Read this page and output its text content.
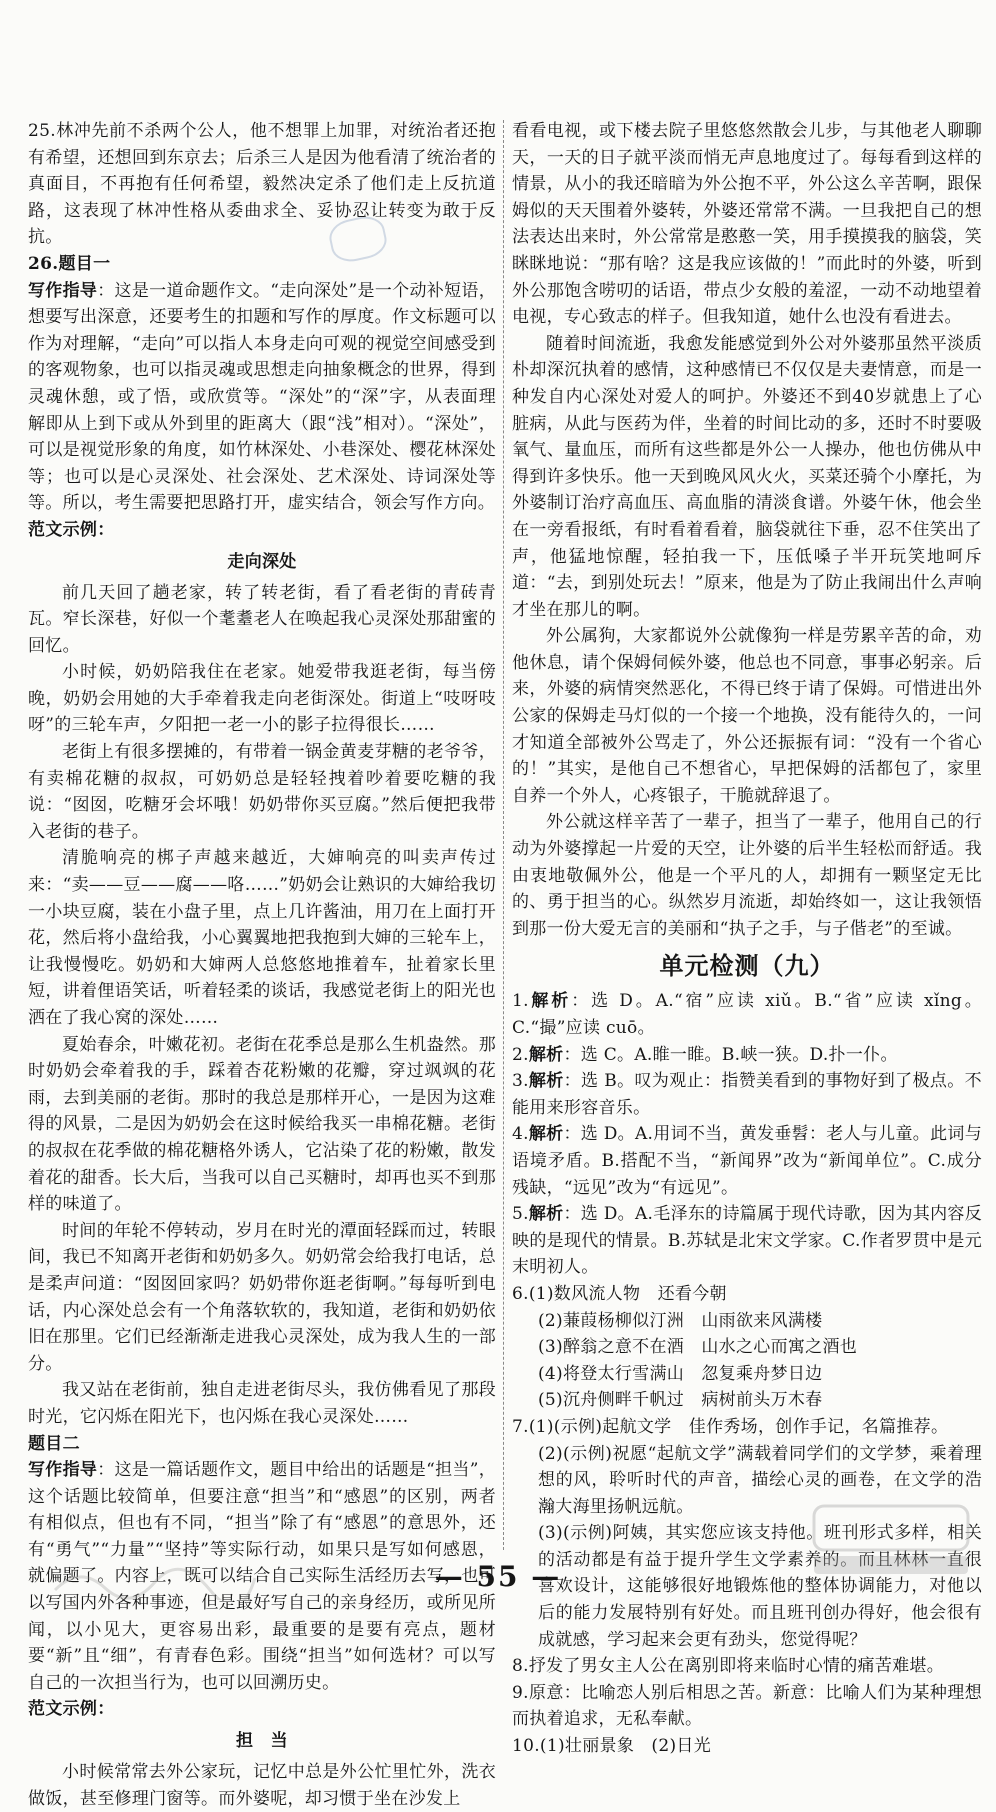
25.林冲先前不杀两个公人，他不想罪上加罪，对统治者还抱有希望，还想回到东京去；后杀三人是因为他看清了统治者的真面目，不再抱有任何希望，毅然决定杀了他们走上反抗道路，这表现了林冲性格从委曲求全、妥协忍让转变为敢于反抗。

26.题目一

写作指导：这是一道命题作文。“走向深处”是一个动补短语，想要写出深意，还要考生的扣题和写作的厚度。作文标题可以作为对理解，“走向”可以指人本身走向可观的视觉空间感受到的客观物象，也可以指灵魂或思想走向抽象概念的世界，得到灵魂休憩，或了悟，或欣赏等。“深处”的“深”字，从表面理解即从上到下或从外到里的距离大（跟“浅”相对）。“深处”，可以是视觉形象的角度，如竹林深处、小巷深处、樱花林深处等；也可以是心灵深处、社会深处、艺术深处、诗词深处等等。所以，考生需要把思路打开，虚实结合，领会写作方向。

范文示例：

走向深处

前几天回了趟老家，转了转老街，看了看老街的青砖青瓦。窄长深巷，好似一个耄耋老人在唤起我心灵深处那甜蜜的回忆。

小时候，奶奶陪我住在老家。她爱带我逛老街，每当傍晚，奶奶会用她的大手牵着我走向老街深处。街道上“吱呀吱呀”的三轮车声，夕阳把一老一小的影子拉得很长……

老街上有很多摆摊的，有带着一锅金黄麦芽糖的老爷爷，有卖棉花糖的叔叔，可奶奶总是轻轻拽着吵着要吃糖的我说：“囡囡，吃糖牙会坏哦！奶奶带你买豆腐。”然后便把我带入老街的巷子。

清脆响亮的梆子声越来越近，大婶响亮的叫卖声传过来：“卖——豆——腐——咯……”奶奶会让熟识的大婶给我切一小块豆腐，装在小盘子里，点上几许酱油，用刀在上面打开花，然后将小盘给我，小心翼翼地把我抱到大婶的三轮车上，让我慢慢吃。奶奶和大婶两人总悠悠地推着车，扯着家长里短，讲着俚语笑话，听着轻柔的谈话，我感觉老街上的阳光也洒在了我心窝的深处……

夏始春余，叶嫩花初。老街在花季总是那么生机盎然。那时奶奶会牵着我的手，踩着杏花粉嫩的花瓣，穿过飒飒的花雨，去到美丽的老街。那时的我总是那样开心，一是因为这难得的风景，二是因为奶奶会在这时候给我买一串棉花糖。老街的叔叔在花季做的棉花糖格外诱人，它沾染了花的粉嫩，散发着花的甜香。长大后，当我可以自己买糖时，却再也买不到那样的味道了。

时间的年轮不停转动，岁月在时光的潭面轻踩而过，转眼间，我已不知离开老街和奶奶多久。奶奶常会给我打电话，总是柔声问道：“囡囡回家吗？奶奶带你逛老街啊。”每每听到电话，内心深处总会有一个角落软软的，我知道，老街和奶奶依旧在那里。它们已经渐渐走进我心灵深处，成为我人生的一部分。

我又站在老街前，独自走进老街尽头，我仿佛看见了那段时光，它闪烁在阳光下，也闪烁在我心灵深处……

题目二

写作指导：这是一篇话题作文，题目中给出的话题是“担当”，这个话题比较简单，但要注意“担当”和“感恩”的区别，两者有相似点，但也有不同，“担当”除了有“感恩”的意思外，还有“勇气”“力量”“坚持”等实际行动，如果只是写如何感恩，就偏题了。内容上，既可以结合自己实际生活经历去写，也可以写国内外各种事迹，但是最好写自己的亲身经历，或所见所闻，以小见大，更容易出彩，最重要的是要有亮点，题材要“新”且“细”，有青春色彩。围绕“担当”如何选材？可以写自己的一次担当行为，也可以回溯历史。

范文示例：

担　当

小时候常常去外公家玩，记忆中总是外公忙里忙外，洗衣做饭，甚至修理门窗等。而外婆呢，却习惯于坐在沙发上

看看电视，或下楼去院子里悠悠然散会儿步，与其他老人聊聊天，一天的日子就平淡而悄无声息地度过了。每每看到这样的情景，从小的我还暗暗为外公抱不平，外公这么辛苦啊，跟保姆似的天天围着外婆转，外婆还常常不满。一旦我把自己的想法表达出来时，外公常常是憨憨一笑，用手摸摸我的脑袋，笑眯眯地说：“那有啥？这是我应该做的！”而此时的外婆，听到外公那饱含唠叨的话语，带点少女般的羞涩，一动不动地望着电视，专心致志的样子。但我知道，她什么也没有看进去。

随着时间流逝，我愈发能感觉到外公对外婆那虽然平淡质朴却深沉执着的感情，这种感情已不仅仅是夫妻情意，而是一种发自内心深处对爱人的呵护。外婆还不到40岁就患上了心脏病，从此与医药为伴，坐着的时间比动的多，还时不时要吸氧气、量血压，而所有这些都是外公一人操办，他也仿佛从中得到许多快乐。他一天到晚风风火火，买菜还骑个小摩托，为外婆制订治疗高血压、高血脂的清淡食谱。外婆午休，他会坐在一旁看报纸，有时看着看着，脑袋就往下垂，忍不住笑出了声，他猛地惊醒，轻拍我一下，压低嗓子半开玩笑地呵斥道：“去，到别处玩去！”原来，他是为了防止我闹出什么声响才坐在那儿的啊。

外公属狗，大家都说外公就像狗一样是劳累辛苦的命，劝他休息，请个保姆伺候外婆，他总也不同意，事事必躬亲。后来，外婆的病情突然恶化，不得已终于请了保姆。可惜进出外公家的保姆走马灯似的一个接一个地换，没有能待久的，一问才知道全部被外公骂走了，外公还振振有词：“没有一个省心的！”其实，是他自己不想省心，早把保姆的活都包了，家里自养一个外人，心疼银子，干脆就辞退了。

外公就这样辛苦了一辈子，担当了一辈子，他用自己的行动为外婆撑起一片爱的天空，让外婆的后半生轻松而舒适。我由衷地敬佩外公，他是一个平凡的人，却拥有一颗坚定无比的、勇于担当的心。纵然岁月流逝，却始终如一，这让我领悟到那一份大爱无言的美丽和“执子之手，与子偕老”的至诚。

单元检测（九）

1.解析：选 D。A.“宿”应读 xiǔ。B.“省”应读 xǐng。C.“撮”应读 cuō。

2.解析：选 C。A.睢一睢。B.峡一狭。D.扑一仆。

3.解析：选 B。叹为观止：指赞美看到的事物好到了极点。不能用来形容音乐。

4.解析：选 D。A.用词不当，黄发垂髫：老人与儿童。此词与语境矛盾。B.搭配不当，“新闻界”改为“新闻单位”。C.成分残缺，“远见”改为“有远见”。

5.解析：选 D。A.毛泽东的诗篇属于现代诗歌，因为其内容反映的是现代的情景。B.苏轼是北宋文学家。C.作者罗贯中是元末明初人。

6.(1)数风流人物　还看今朝

(2)蒹葭杨柳似汀洲　山雨欲来风满楼

(3)醉翁之意不在酒　山水之心而寓之酒也

(4)将登太行雪满山　忽复乘舟梦日边

(5)沉舟侧畔千帆过　病树前头万木春

7.(1)(示例)起航文学　佳作秀场，创作手记，名篇推荐。

(2)(示例)祝愿“起航文学”满载着同学们的文学梦，乘着理想的风，聆听时代的声音，描绘心灵的画卷，在文学的浩瀚大海里扬帆远航。

(3)(示例)阿姨，其实您应该支持他。班刊形式多样，相关的活动都是有益于提升学生文学素养的。而且林林一直很喜欢设计，这能够很好地锻炼他的整体协调能力，对他以后的能力发展特别有好处。而且班刊创办得好，他会很有成就感，学习起来会更有劲头，您觉得呢？

8.抒发了男女主人公在离别即将来临时心情的痛苦难堪。

9.原意：比喻恋人别后相思之苦。新意：比喻人们为某种理想而执着追求，无私奉献。

10.(1)壮丽景象　(2)日光

— 55 —
